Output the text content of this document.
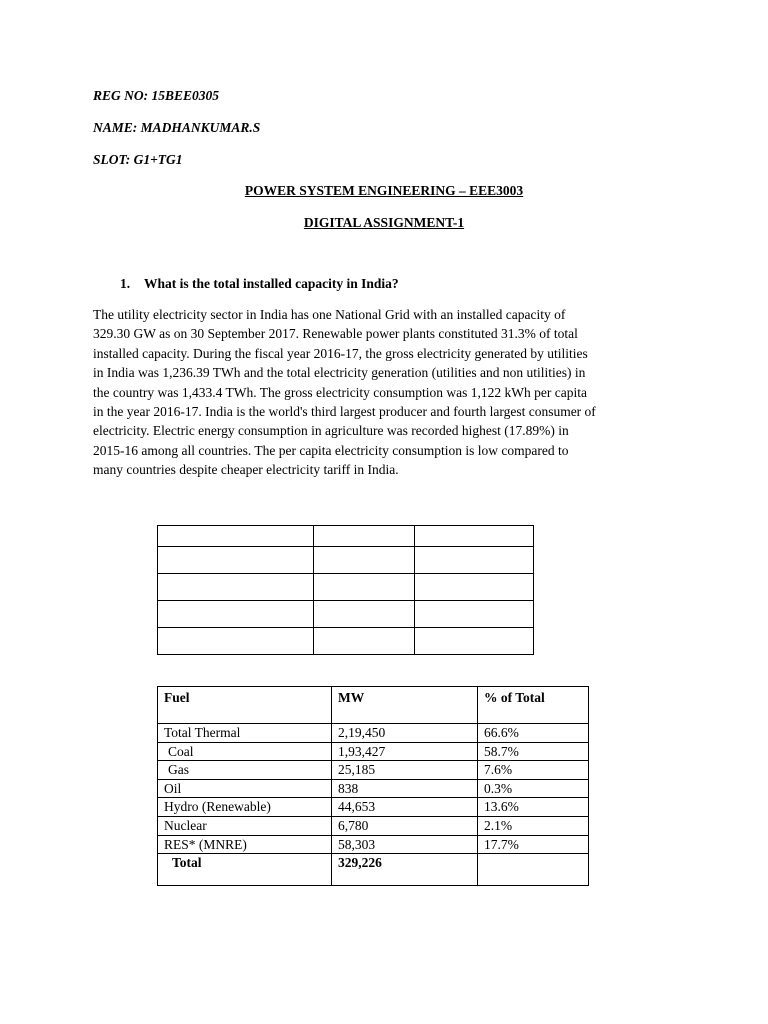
REG NO: 15BEE0305
NAME: MADHANKUMAR.S
SLOT: G1+TG1
POWER SYSTEM ENGINEERING – EEE3003
DIGITAL ASSIGNMENT-1
1. What is the total installed capacity in India?
The utility electricity sector in India has one National Grid with an installed capacity of
329.30 GW as on 30 September 2017. Renewable power plants constituted 31.3% of total
installed capacity. During the fiscal year 2016-17, the gross electricity generated by utilities
in India was 1,236.39 TWh and the total electricity generation (utilities and non utilities) in
the country was 1,433.4 TWh. The gross electricity consumption was 1,122 kWh per capita
in the year 2016-17. India is the world's third largest producer and fourth largest consumer of
electricity. Electric energy consumption in agriculture was recorded highest (17.89%) in
2015-16 among all countries. The per capita electricity consumption is low compared to
many countries despite cheaper electricity tariff in India.

Fuel	MW	% of Total
Total Thermal	2,19,450	66.6%
Coal	1,93,427	58.7%
Gas	25,185	7.6%
Oil	838	0.3%
Hydro (Renewable)	44,653	13.6%
Nuclear	6,780	2.1%
RES* (MNRE)	58,303	17.7%
Total	329,226	
